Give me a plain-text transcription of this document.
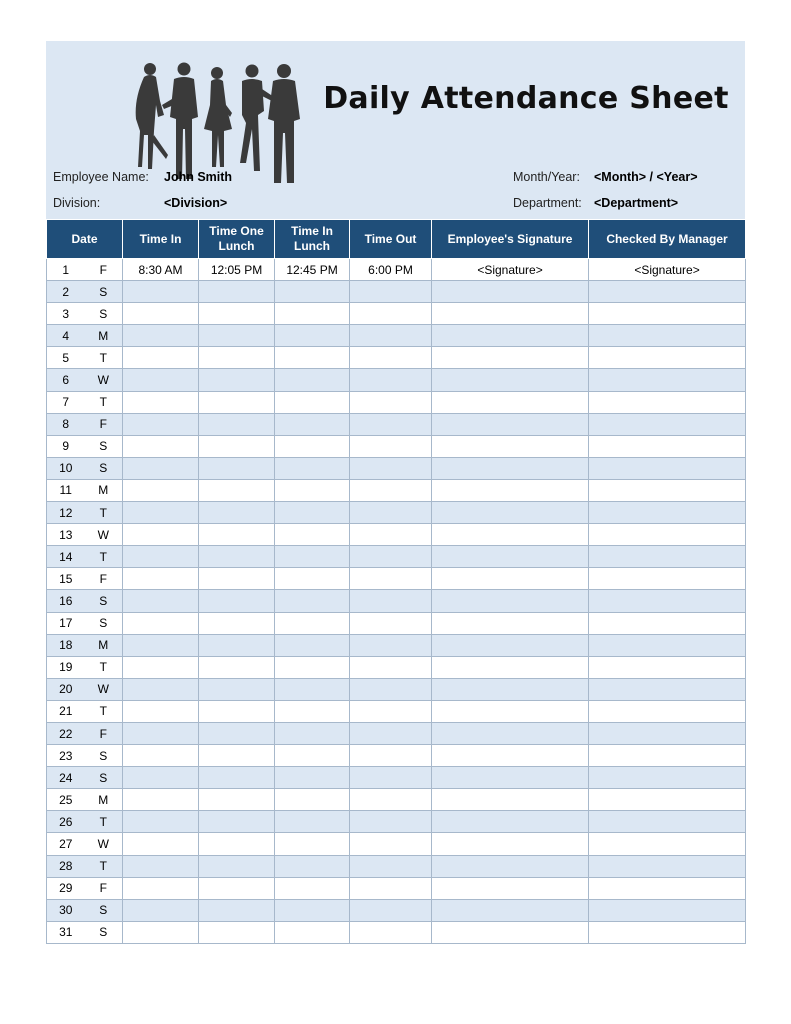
Daily Attendance Sheet
Employee Name: John Smith
Division:	<Division>
Month/Year: <Month> / <Year>
Department: <Department>
Date		Time In	Time One Lunch	Time In Lunch	Time Out	Employee's Signature	Checked By Manager
1	F	8:30 AM	12:05 PM	12:45 PM	6:00 PM	<Signature>	<Signature>
2	S						
3	S						
4	M						
5	T						
6	W						
7	T						
8	F						
9	S						
10	S						
11	M						
12	T						
13	W						
14	T						
15	F						
16	S						
17	S						
18	M						
19	T						
20	W						
21	T						
22	F						
23	S						
24	S						
25	M						
26	T						
27	W						
28	T						
29	F						
30	S						
31	S						
